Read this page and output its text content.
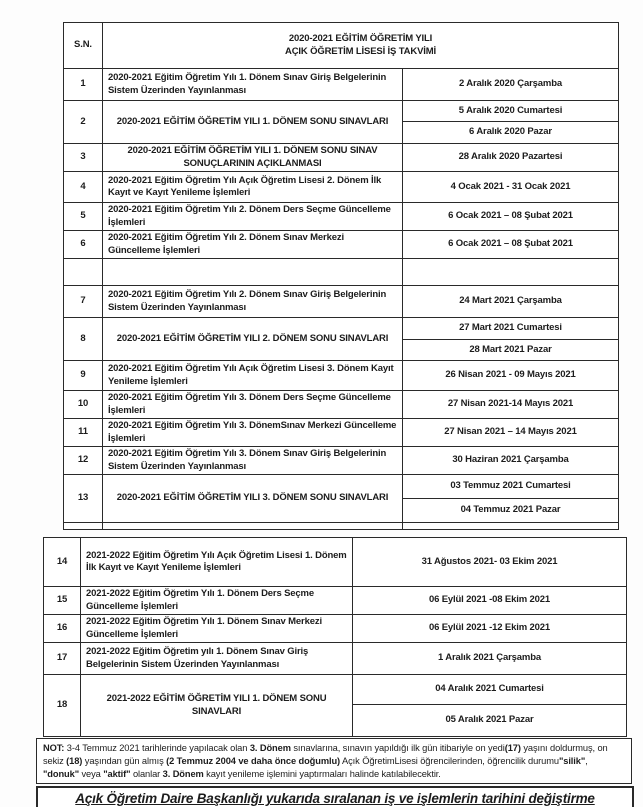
S.N.	2020-2021 EĞİTİM ÖĞRETİM YILI
AÇIK ÖĞRETİM LİSESİ İŞ TAKVİMİ	

1	2020-2021 Eğitim Öğretim Yılı 1. Dönem Sınav Giriş Belgelerinin Sistem Üzerinden Yayınlanması	2 Aralık 2020 Çarşamba
2	2020-2021 EĞİTİM ÖĞRETİM YILI 1. DÖNEM SONU SINAVLARI	5 Aralık 2020 Cumartesi
		6 Aralık 2020 Pazar
3	2020-2021 EĞİTİM ÖĞRETİM YILI 1. DÖNEM SONU SINAV SONUÇLARININ AÇIKLANMASI	28 Aralık 2020 Pazartesi
4	2020-2021 Eğitim Öğretim Yılı Açık Öğretim Lisesi 2. Dönem İlk Kayıt ve Kayıt Yenileme İşlemleri	4 Ocak 2021 - 31 Ocak 2021
5	2020-2021 Eğitim Öğretim Yılı 2. Dönem Ders Seçme Güncelleme İşlemleri	6 Ocak 2021 – 08 Şubat 2021
6	2020-2021 Eğitim Öğretim Yılı 2. Dönem Sınav Merkezi Güncelleme İşlemleri	6 Ocak 2021 – 08 Şubat 2021

7	2020-2021 Eğitim Öğretim Yılı 2. Dönem Sınav Giriş Belgelerinin Sistem Üzerinden Yayınlanması	24 Mart 2021 Çarşamba
8	2020-2021 EĞİTİM ÖĞRETİM YILI 2. DÖNEM SONU SINAVLARI	27 Mart 2021 Cumartesi
		28 Mart 2021 Pazar
9	2020-2021 Eğitim Öğretim Yılı Açık Öğretim Lisesi 3. Dönem Kayıt Yenileme İşlemleri	26 Nisan 2021 - 09 Mayıs 2021
10	2020-2021 Eğitim Öğretim Yılı 3. Dönem Ders Seçme Güncelleme İşlemleri	27 Nisan 2021-14 Mayıs 2021
11	2020-2021 Eğitim Öğretim Yılı 3. DönemSınav Merkezi Güncelleme İşlemleri	27 Nisan 2021 – 14 Mayıs 2021
12	2020-2021 Eğitim Öğretim Yılı 3. Dönem Sınav Giriş Belgelerinin Sistem Üzerinden Yayınlanması	30 Haziran 2021 Çarşamba
13	2020-2021 EĞİTİM ÖĞRETİM YILI 3. DÖNEM SONU SINAVLARI	03 Temmuz 2021 Cumartesi
		04 Temmuz 2021 Pazar

14	2021-2022 Eğitim Öğretim Yılı Açık Öğretim Lisesi 1. Dönem İlk Kayıt ve Kayıt Yenileme İşlemleri	31 Ağustos 2021- 03 Ekim 2021
15	2021-2022 Eğitim Öğretim Yılı 1. Dönem Ders Seçme Güncelleme İşlemleri	06 Eylül 2021 -08 Ekim 2021
16	2021-2022 Eğitim Öğretim Yılı 1. Dönem Sınav Merkezi Güncelleme İşlemleri	06 Eylül 2021 -12 Ekim 2021
17	2021-2022 Eğitim Öğretim yılı 1. Dönem Sınav Giriş Belgelerinin Sistem Üzerinden Yayınlanması	1 Aralık 2021 Çarşamba
18	2021-2022 EĞİTİM ÖĞRETİM YILI 1. DÖNEM SONU SINAVLARI	04 Aralık 2021 Cumartesi
		05 Aralık 2021 Pazar
NOT: 3-4 Temmuz 2021 tarihlerinde yapılacak olan 3. Dönem sınavlarına, sınavın yapıldığı ilk gün itibariyle on yedi(17) yaşını doldurmuş, on sekiz (18) yaşından gün almış (2 Temmuz 2004 ve daha önce doğumlu) Açık ÖğretimLisesi öğrencilerinden, öğrencilik durumu"silik", "donuk" veya "aktif" olanlar 3. Dönem kayıt yenileme işlemini yaptırmaları halinde katılabilecektir.
Açık Öğretim Daire Başkanlığı yukarıda sıralanan iş ve işlemlerin tarihini değiştirme
